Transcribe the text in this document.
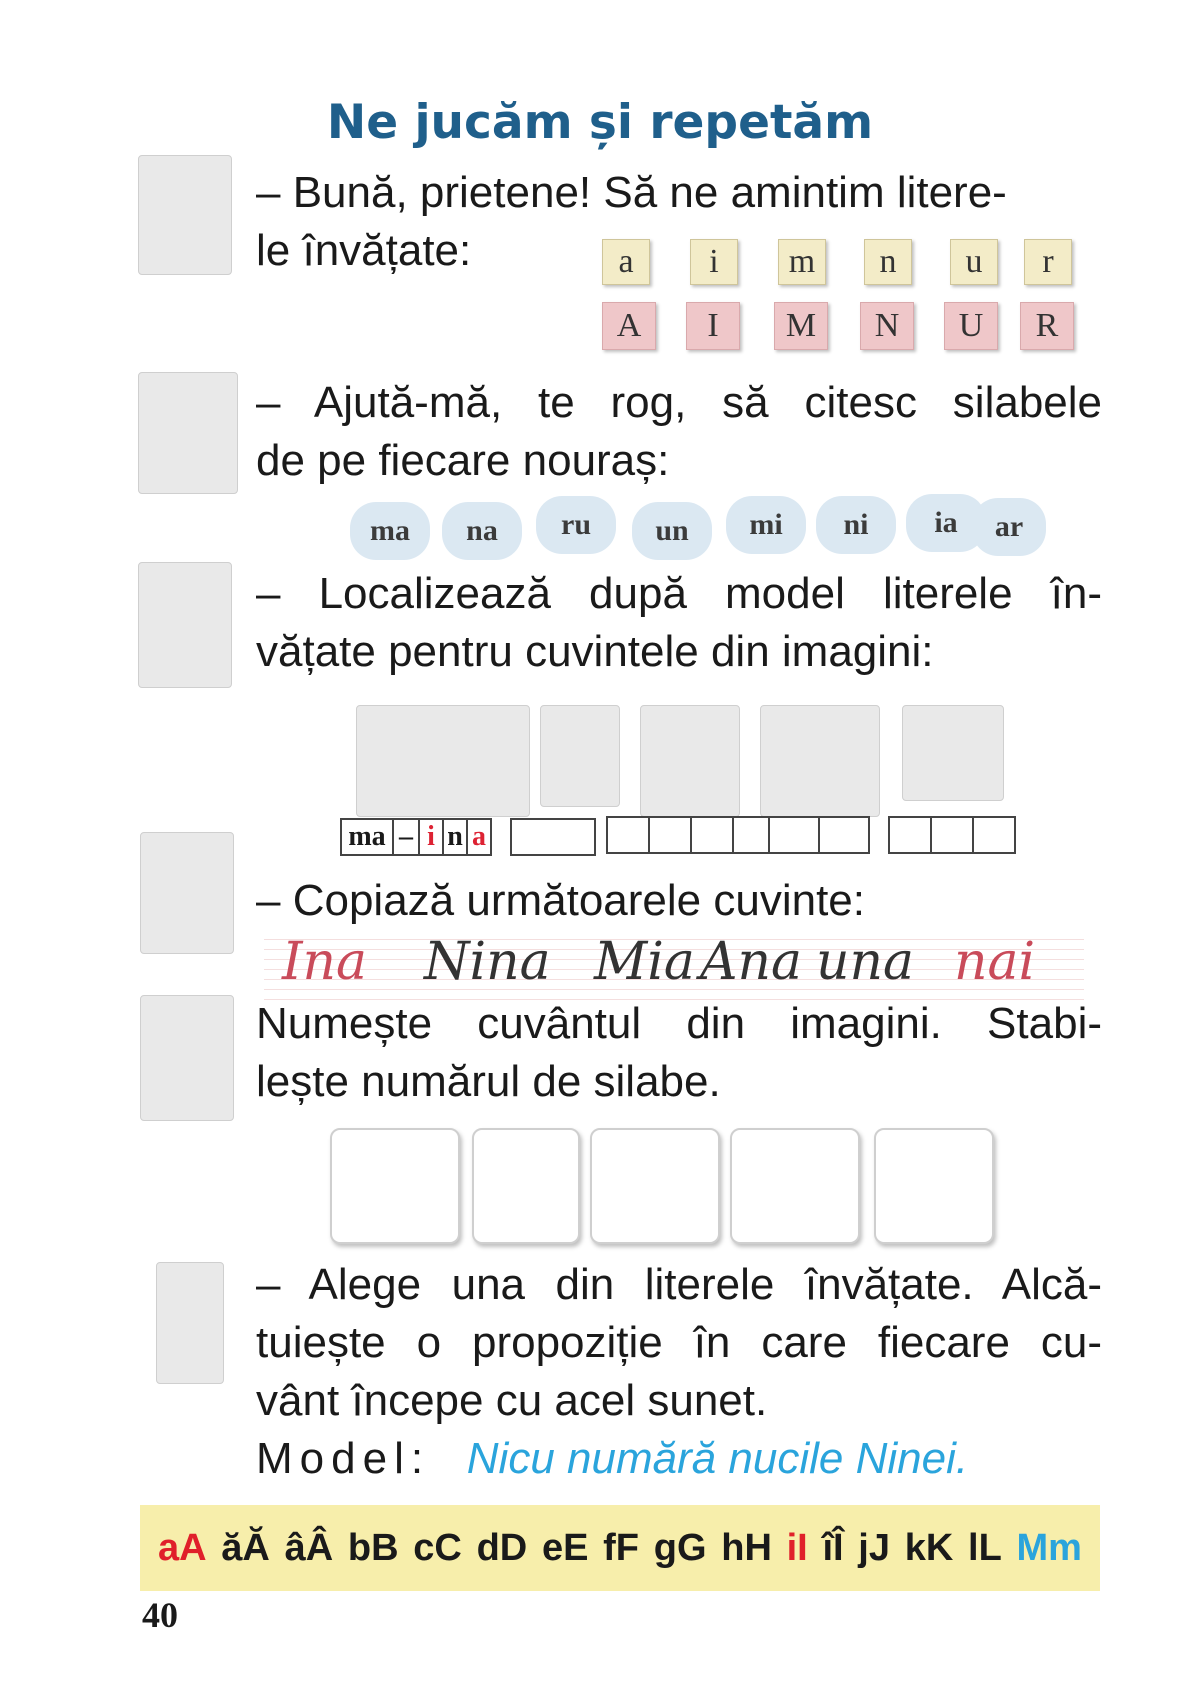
Ne jucăm și repetăm
– Bună, prietene! Să ne amintim litere-
le învățate:	a	i	m	n	u	r
A	I	M	N	U	R
– Ajută-mă, te rog, să citesc silabele
de pe fiecare nouraș:
ma	na	ru	un	mi	ni	ia	ar
– Localizează după model literele în-
vățate pentru cuvintele din imagini:
ma – i n a
– Copiază următoarele cuvinte:
Ina Nina Mia Ana una nai
Numește cuvântul din imagini. Stabi-
lește numărul de silabe.
– Alege una din literele învățate. Alcă-
tuiește o propoziție în care fiecare cu-
vânt începe cu acel sunet.
Model: Nicu numără nucile Ninei.
aA ăĂ âÂ bB cC dD eE fF gG hH iI îÎ jJ kK lL Mm
40
